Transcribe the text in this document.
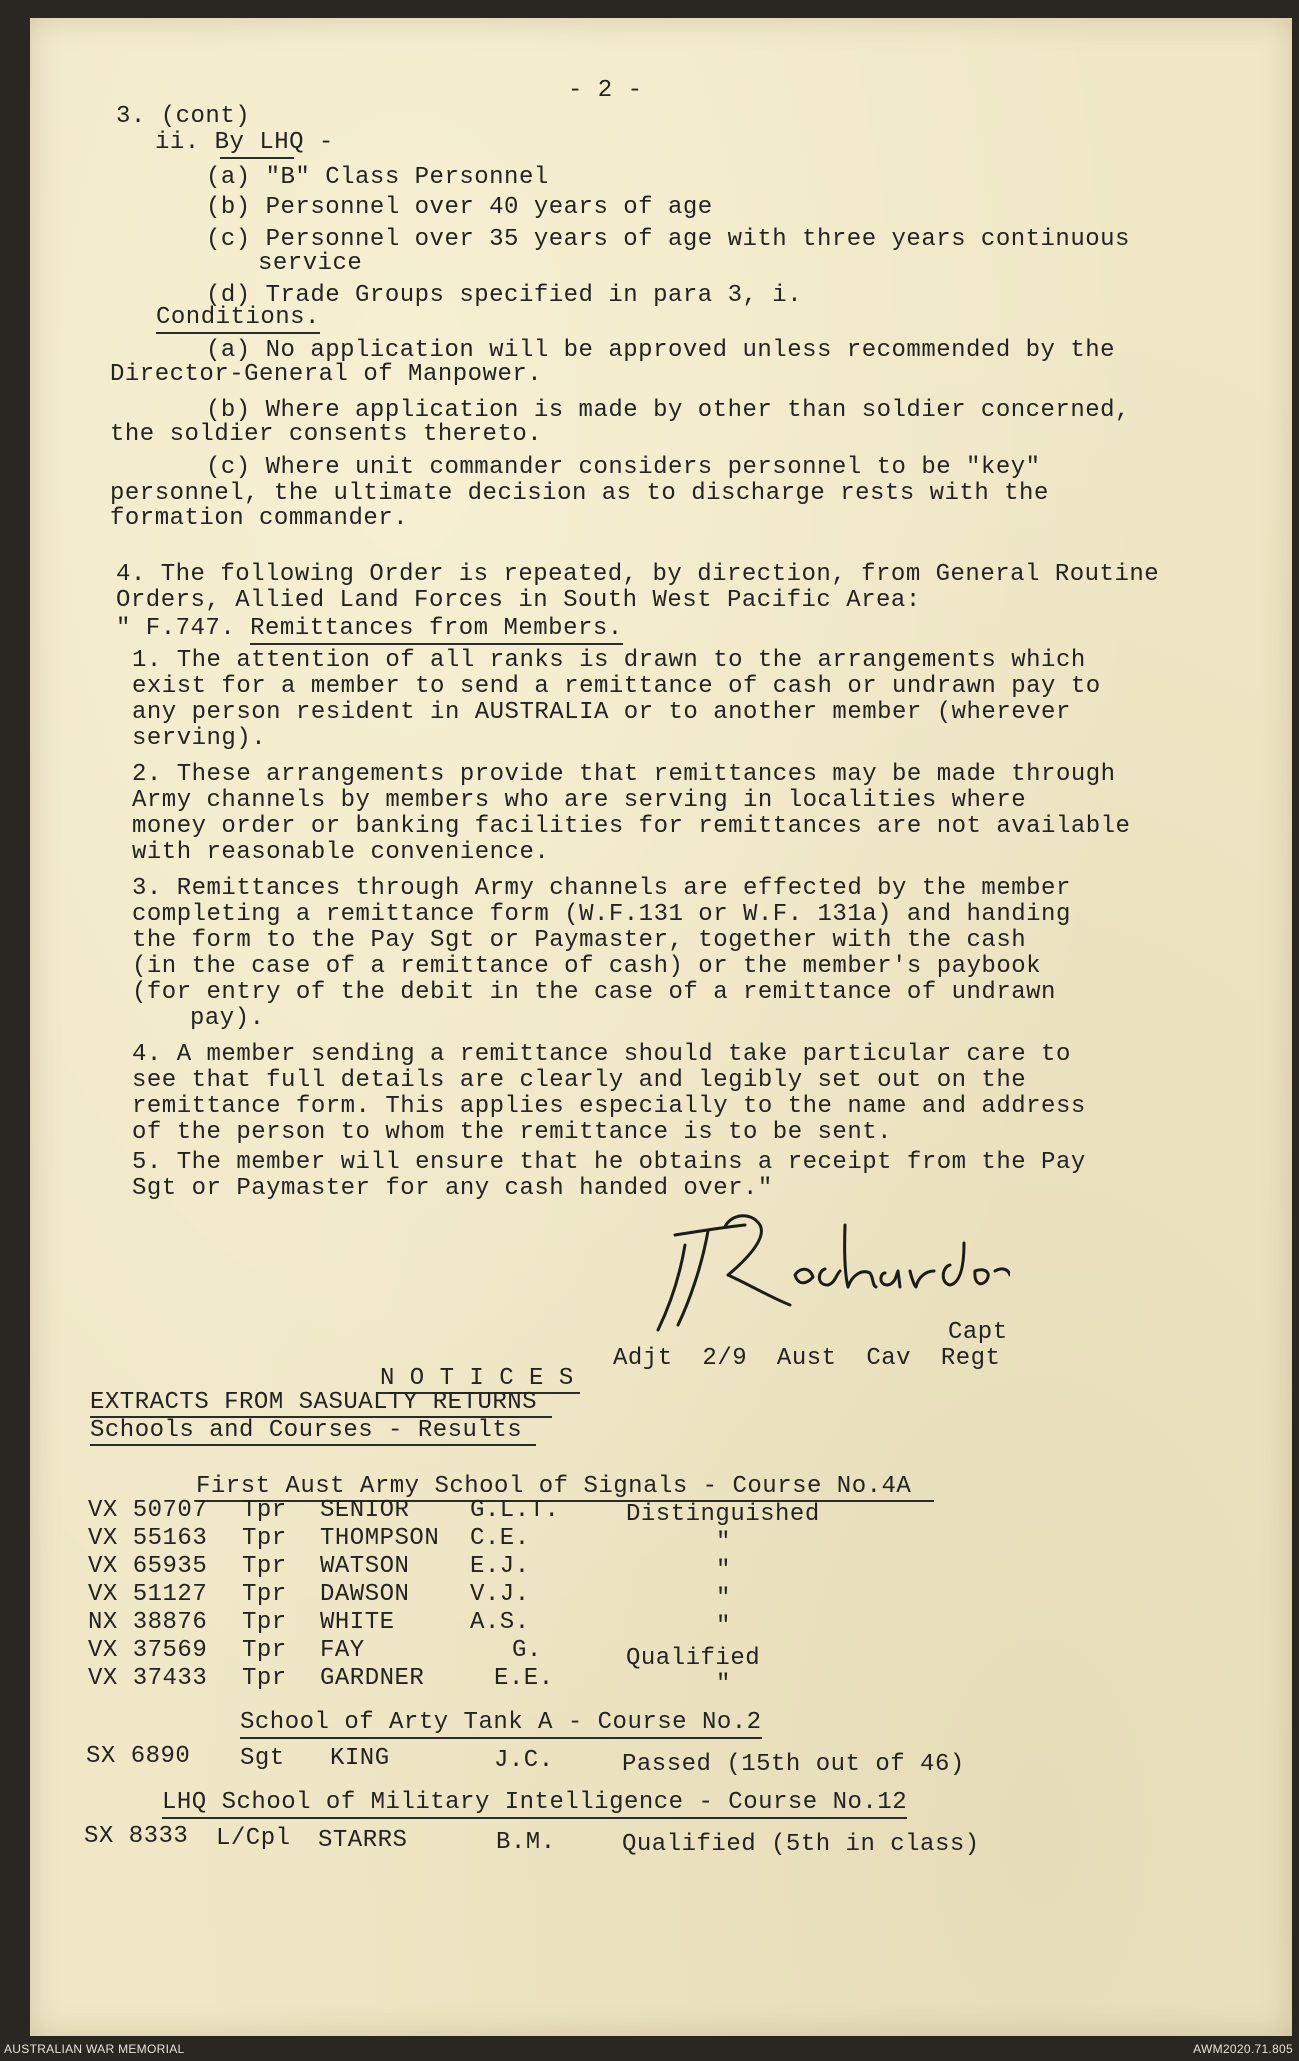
- 2 -
3. (cont)
ii. By LHQ -
(a) "B" Class Personnel
(b) Personnel over 40 years of age
(c) Personnel over 35 years of age with three years continuous
service
(d) Trade Groups specified in para 3, i.
Conditions.
(a) No application will be approved unless recommended by the
Director-General of Manpower.
(b) Where application is made by other than soldier concerned,
the soldier consents thereto.
(c) Where unit commander considers personnel to be "key"
personnel, the ultimate decision as to discharge rests with the
formation commander.
4. The following Order is repeated, by direction, from General Routine
Orders, Allied Land Forces in South West Pacific Area:
" F.747. Remittances from Members.
1. The attention of all ranks is drawn to the arrangements which
exist for a member to send a remittance of cash or undrawn pay to
any person resident in AUSTRALIA or to another member (wherever
serving).
2. These arrangements provide that remittances may be made through
Army channels by members who are serving in localities where
money order or banking facilities for remittances are not available
with reasonable convenience.
3. Remittances through Army channels are effected by the member
completing a remittance form (W.F.131 or W.F. 131a) and handing
the form to the Pay Sgt or Paymaster, together with the cash
(in the case of a remittance of cash) or the member's paybook
(for entry of the debit in the case of a remittance of undrawn
pay).
4. A member sending a remittance should take particular care to
see that full details are clearly and legibly set out on the
remittance form. This applies especially to the name and address
of the person to whom the remittance is to be sent.
5. The member will ensure that he obtains a receipt from the Pay
Sgt or Paymaster for any cash handed over."
Richardson
Capt
Adjt  2/9  Aust  Cav  Regt
N O T I C E S
EXTRACTS FROM SASUALTY RETURNS
Schools and Courses - Results
First Aust Army School of Signals - Course No.4A
VX 50707 Tpr SENIOR	G.L.T.	Distinguished
VX 55163 Tpr THOMPSON C.E.	"
VX 65935 Tpr WATSON	E.J.	"
VX 51127 Tpr DAWSON	V.J.	"
NX 38876 Tpr WHITE	A.S.	"
VX 37569 Tpr FAY	G.	Qualified
VX 37433 Tpr GARDNER	E.E.	"
School of Arty Tank A - Course No.2
SX 6890 Sgt KING	J.C.	Passed (15th out of 46)
LHQ School of Military Intelligence - Course No.12
SX 8333 L/Cpl STARRS	B.M.	Qualified (5th in class)
AUSTRALIAN WAR MEMORIAL	AWM2020.71.805
